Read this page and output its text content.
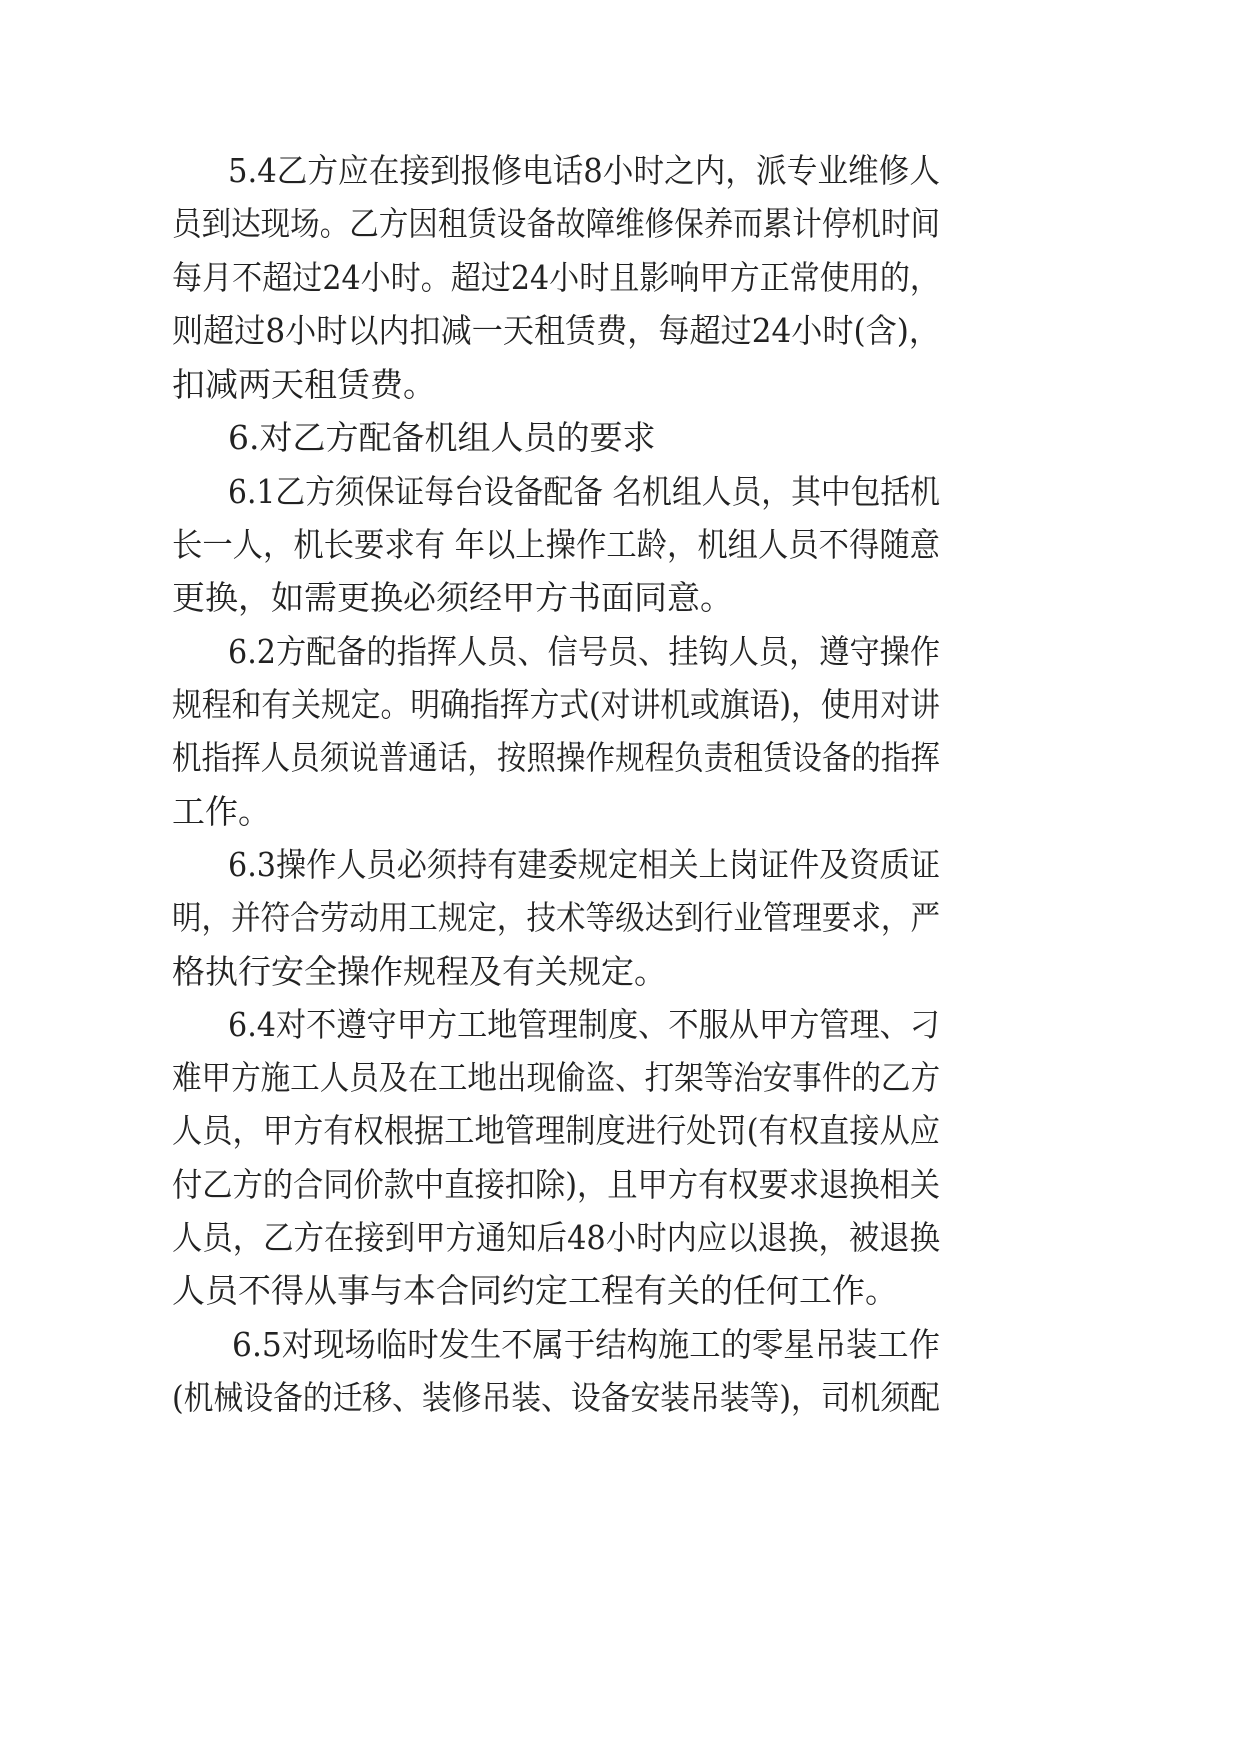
5.4乙方应在接到报修电话8小时之内，派专业维修人

员到达现场。乙方因租赁设备故障维修保养而累计停机时间

每月不超过24小时。超过24小时且影响甲方正常使用的，

则超过8小时以内扣减一天租赁费，每超过24小时(含)，

扣减两天租赁费。

6.对乙方配备机组人员的要求

6.1乙方须保证每台设备配备 名机组人员，其中包括机

长一人，机长要求有 年以上操作工龄，机组人员不得随意

更换，如需更换必须经甲方书面同意。

6.2方配备的指挥人员、信号员、挂钩人员，遵守操作

规程和有关规定。明确指挥方式(对讲机或旗语)，使用对讲

机指挥人员须说普通话，按照操作规程负责租赁设备的指挥

工作。

6.3操作人员必须持有建委规定相关上岗证件及资质证

明，并符合劳动用工规定，技术等级达到行业管理要求，严

格执行安全操作规程及有关规定。

6.4对不遵守甲方工地管理制度、不服从甲方管理、刁

难甲方施工人员及在工地出现偷盗、打架等治安事件的乙方

人员，甲方有权根据工地管理制度进行处罚(有权直接从应

付乙方的合同价款中直接扣除)，且甲方有权要求退换相关

人员，乙方在接到甲方通知后48小时内应以退换，被退换

人员不得从事与本合同约定工程有关的任何工作。

6.5对现场临时发生不属于结构施工的零星吊装工作

(机械设备的迁移、装修吊装、设备安装吊装等)，司机须配
